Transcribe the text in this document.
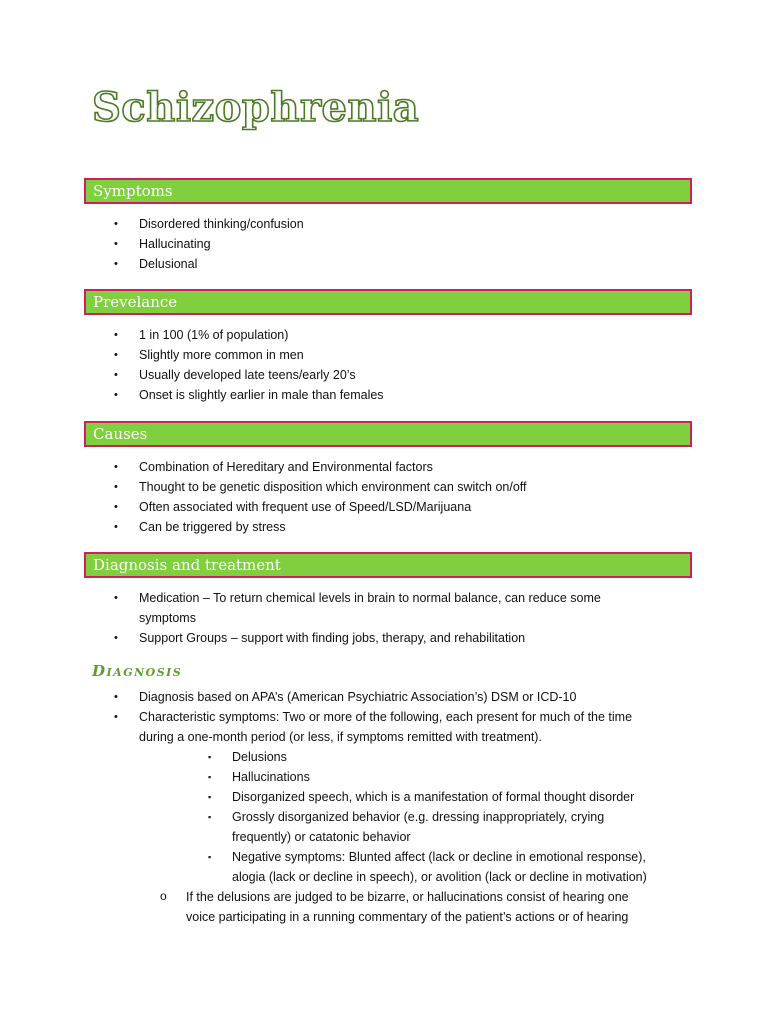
Schizophrenia
Symptoms
• Disordered thinking/confusion
• Hallucinating
• Delusional
Prevelance
• 1 in 100 (1% of population)
• Slightly more common in men
• Usually developed late teens/early 20’s
• Onset is slightly earlier in male than females
Causes
• Combination of Hereditary and Environmental factors
• Thought to be genetic disposition which environment can switch on/off
• Often associated with frequent use of Speed/LSD/Marijuana
• Can be triggered by stress
Diagnosis and treatment
• Medication – To return chemical levels in brain to normal balance, can reduce some
symptoms
• Support Groups – support with finding jobs, therapy, and rehabilitation
Diagnosis
• Diagnosis based on APA’s (American Psychiatric Association’s) DSM or ICD-10
• Characteristic symptoms: Two or more of the following, each present for much of the time
during a one-month period (or less, if symptoms remitted with treatment).
▪ Delusions
▪ Hallucinations
▪ Disorganized speech, which is a manifestation of formal thought disorder
▪ Grossly disorganized behavior (e.g. dressing inappropriately, crying
frequently) or catatonic behavior
▪ Negative symptoms: Blunted affect (lack or decline in emotional response),
alogia (lack or decline in speech), or avolition (lack or decline in motivation)
o If the delusions are judged to be bizarre, or hallucinations consist of hearing one
voice participating in a running commentary of the patient’s actions or of hearing
